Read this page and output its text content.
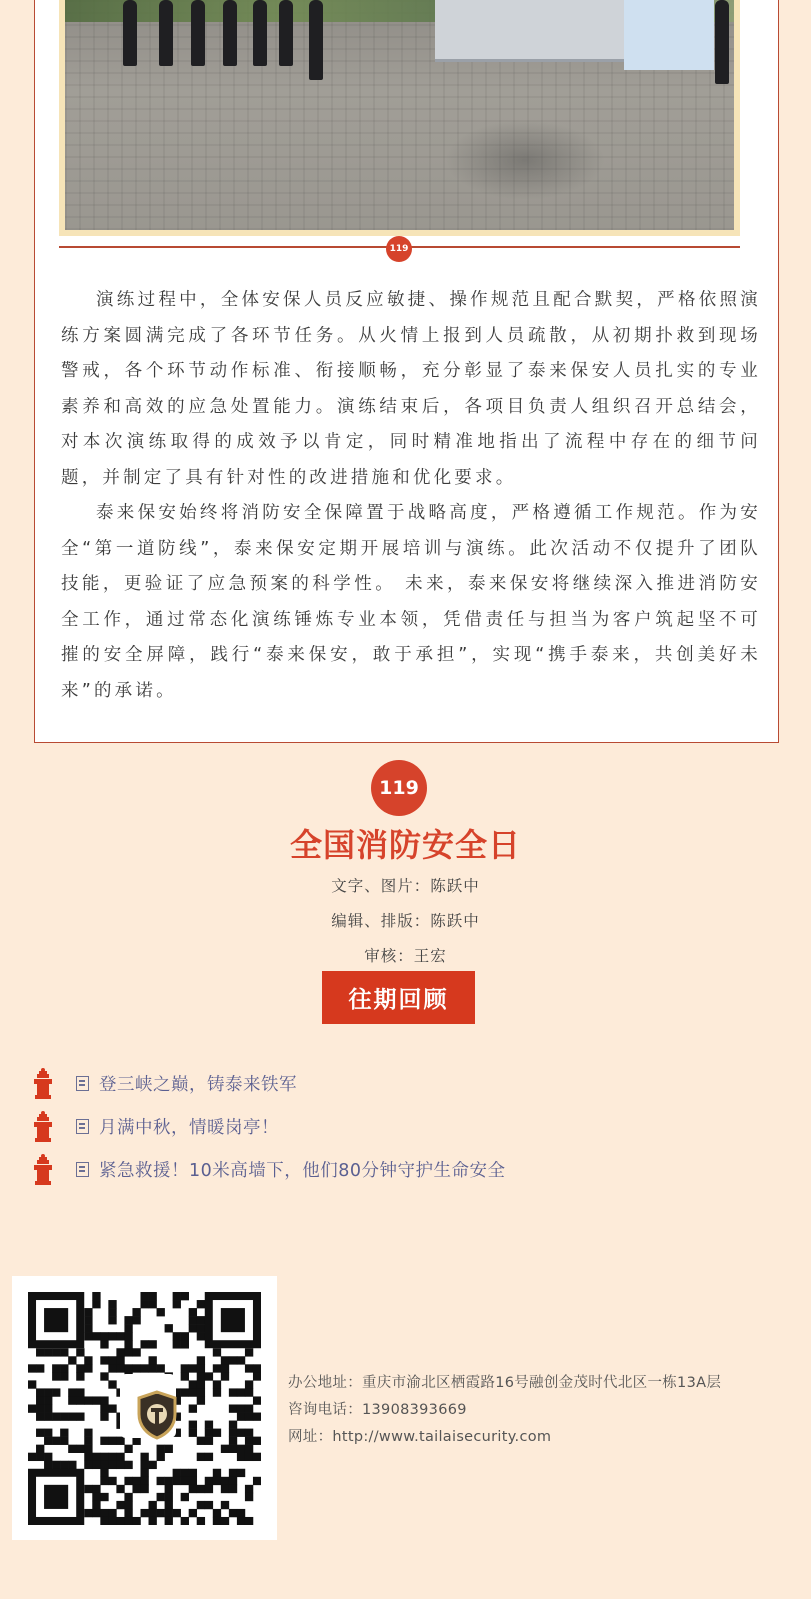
119

演练过程中，全体安保人员反应敏捷、操作规范且配合默契，严格依照演练方案圆满完成了各环节任务。从火情上报到人员疏散，从初期扑救到现场警戒，各个环节动作标准、衔接顺畅，充分彰显了泰来保安人员扎实的专业素养和高效的应急处置能力。演练结束后，各项目负责人组织召开总结会，对本次演练取得的成效予以肯定，同时精准地指出了流程中存在的细节问题，并制定了具有针对性的改进措施和优化要求。

泰来保安始终将消防安全保障置于战略高度，严格遵循工作规范。作为安全“第一道防线”，泰来保安定期开展培训与演练。此次活动不仅提升了团队技能，更验证了应急预案的科学性。 未来，泰来保安将继续深入推进消防安全工作，通过常态化演练锤炼专业本领，凭借责任与担当为客户筑起坚不可摧的安全屏障，践行“泰来保安，敢于承担”，实现“携手泰来，共创美好未来”的承诺。

119
全国消防安全日
文字、图片：陈跃中
编辑、排版：陈跃中
审核：王宏
往期回顾
登三峡之巅，铸泰来铁军
月满中秋，情暖岗亭！
紧急救援！10米高墙下，他们80分钟守护生命安全
办公地址：重庆市渝北区栖霞路16号融创金茂时代北区一栋13A层
咨询电话：13908393669
网址：http://www.tailaisecurity.com
